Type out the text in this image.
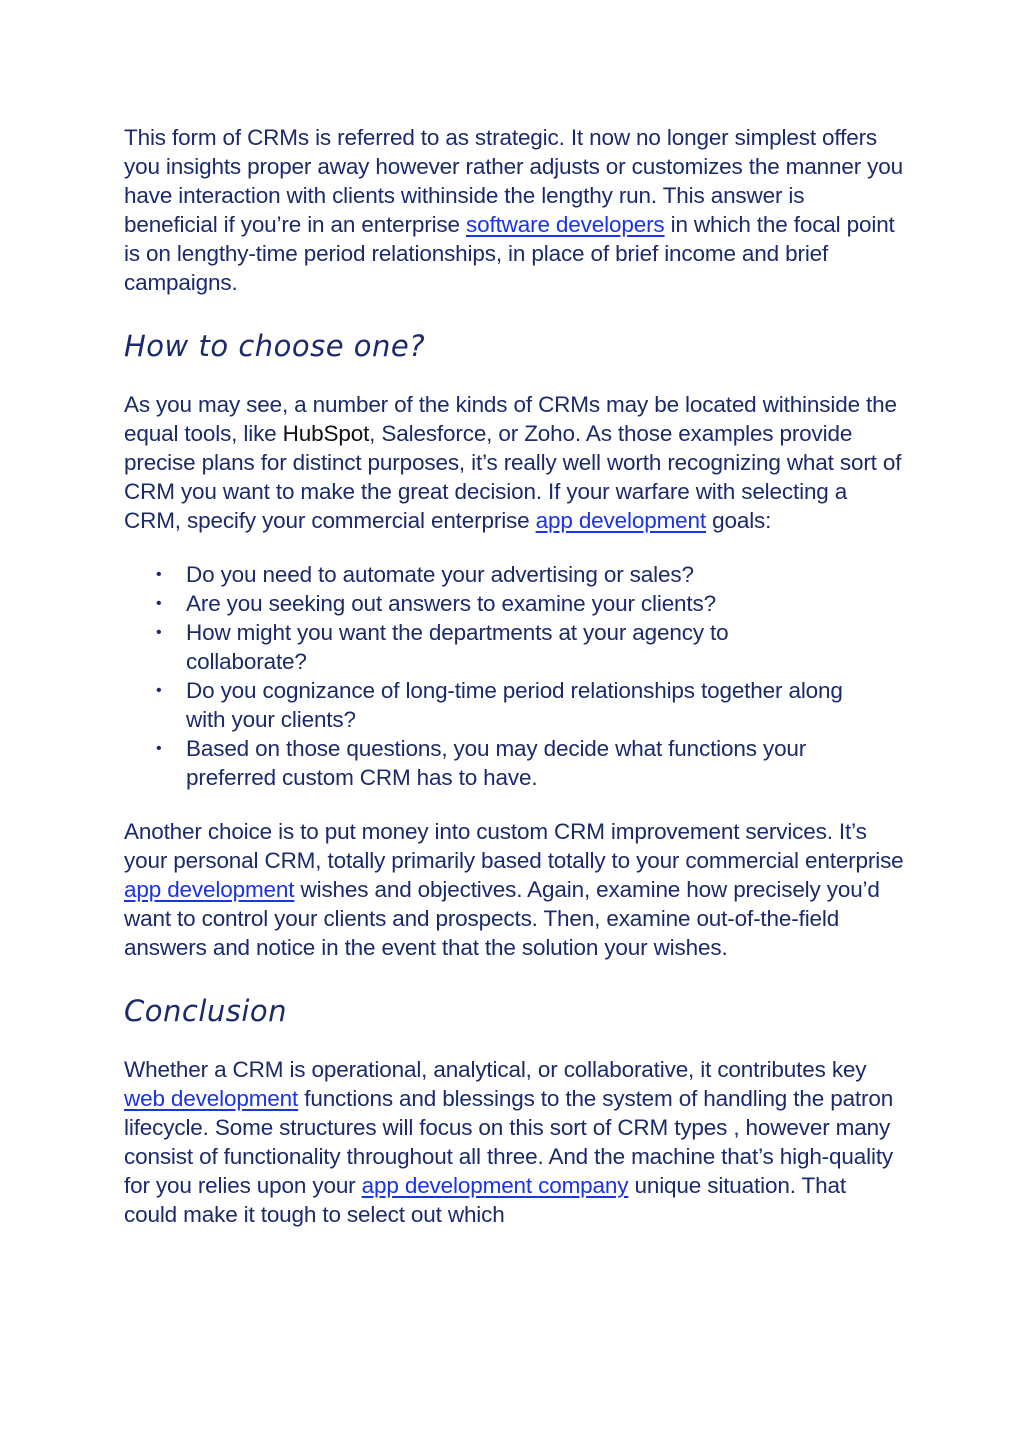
This form of CRMs is referred to as strategic. It now no longer simplest offers you insights proper away however rather adjusts or customizes the manner you have interaction with clients withinside the lengthy run. This answer is beneficial if you’re in an enterprise software developers in which the focal point is on lengthy-time period relationships, in place of brief income and brief campaigns.

How to choose one?

As you may see, a number of the kinds of CRMs may be located withinside the equal tools, like HubSpot, Salesforce, or Zoho. As those examples provide precise plans for distinct purposes, it’s really well worth recognizing what sort of CRM you want to make the great decision. If your warfare with selecting a CRM, specify your commercial enterprise app development goals:

• Do you need to automate your advertising or sales?
• Are you seeking out answers to examine your clients?
• How might you want the departments at your agency to collaborate?
• Do you cognizance of long-time period relationships together along with your clients?
• Based on those questions, you may decide what functions your preferred custom CRM has to have.

Another choice is to put money into custom CRM improvement services. It’s your personal CRM, totally primarily based totally to your commercial enterprise app development wishes and objectives. Again, examine how precisely you’d want to control your clients and prospects. Then, examine out-of-the-field answers and notice in the event that the solution your wishes.

Conclusion

Whether a CRM is operational, analytical, or collaborative, it contributes key web development functions and blessings to the system of handling the patron lifecycle. Some structures will focus on this sort of CRM types , however many consist of functionality throughout all three. And the machine that’s high-quality for you relies upon your app development company unique situation. That could make it tough to select out which
